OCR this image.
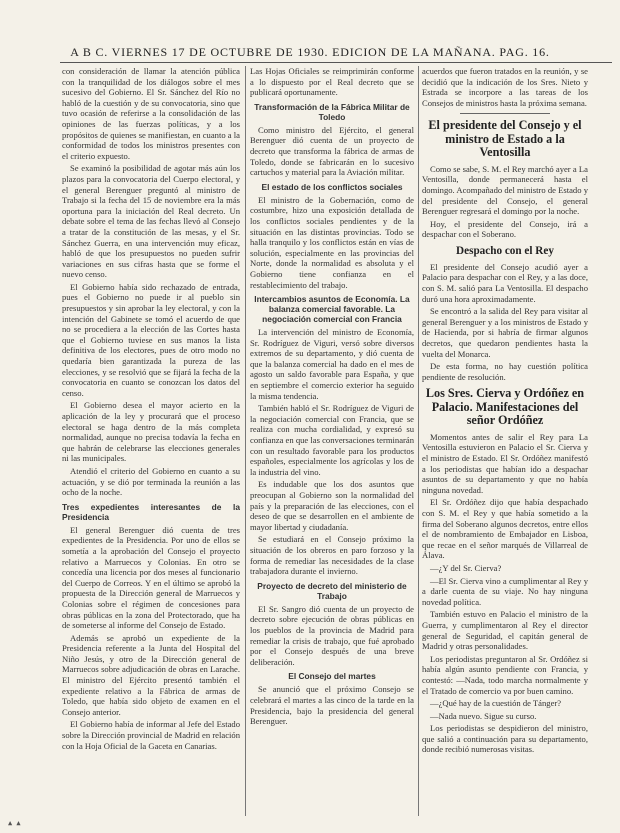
A B C. VIERNES 17 DE OCTUBRE DE 1930. EDICION DE LA MAÑANA. PAG. 16.

con consideración de llamar la atención pública con la tranquilidad de los diálogos sobre el mes sucesivo del Gobierno. El Sr. Sánchez del Río no habló de la cuestión y de su convocatoria, sino que tuvo ocasión de referirse a la consolidación de las opiniones de las fuerzas políticas, y a los propósitos de quienes se manifiestan, en cuanto a la conformidad de todos los ministros presentes con el criterio expuesto.

Se examinó la posibilidad de agotar más aún los plazos para la convocatoria del Cuerpo electoral, y el general Berenguer preguntó al ministro de Trabajo si la fecha del 15 de noviembre era la más oportuna para la iniciación del Real decreto. Un debate sobre el tema de las fechas llevó al Consejo a tratar de la constitución de las mesas, y el Sr. Sánchez Guerra, en una intervención muy eficaz, habló de que los presupuestos no pueden sufrir variaciones en sus cifras hasta que se forme el nuevo censo.

El Gobierno había sido rechazado de entrada, pues el Gobierno no puede ir al pueblo sin presupuestos y sin aprobar la ley electoral, y con la intención del Gabinete se tomó el acuerdo de que no se procediera a la elección de las Cortes hasta que el Gobierno tuviese en sus manos la lista definitiva de los electores, pues de otro modo no quedaría bien garantizada la pureza de las elecciones, y se resolvió que se fijará la fecha de la convocatoria en cuanto se conozcan los datos del censo.

El Gobierno desea el mayor acierto en la aplicación de la ley y procurará que el proceso electoral se haga dentro de la más completa normalidad, aunque no precisa todavía la fecha en que habrán de celebrarse las elecciones generales ni las municipales.

Atendió el criterio del Gobierno en cuanto a su actuación, y se dió por terminada la reunión a las ocho de la noche.

Tres expedientes interesantes de la Presidencia

El general Berenguer dió cuenta de tres expedientes de la Presidencia. Por uno de ellos se sometía a la aprobación del Consejo el proyecto relativo a Marruecos y Colonias. En otro se concedía una licencia por dos meses al funcionario del Cuerpo de Correos. Y en el último se aprobó la propuesta de la Dirección general de Marruecos y Colonias sobre el régimen de concesiones para obras públicas en la zona del Protectorado, que ha de someterse al informe del Consejo de Estado.

Además se aprobó un expediente de la Presidencia referente a la Junta del Hospital del Niño Jesús, y otro de la Dirección general de Marruecos sobre adjudicación de obras en Larache. El ministro del Ejército presentó también el expediente relativo a la Fábrica de armas de Toledo, que había sido objeto de examen en el Consejo anterior.

El Gobierno había de informar al Jefe del Estado sobre la Dirección provincial de Madrid en relación con la Hoja Oficial de la Gaceta en Canarias.

Las Hojas Oficiales se reimprimirán conforme a lo dispuesto por el Real decreto que se publicará oportunamente.

Transformación de la Fábrica Militar de Toledo

Como ministro del Ejército, el general Berenguer dió cuenta de un proyecto de decreto que transforma la fábrica de armas de Toledo, donde se fabricarán en lo sucesivo cartuchos y material para la Aviación militar.

El estado de los conflictos sociales

El ministro de la Gobernación, como de costumbre, hizo una exposición detallada de los conflictos sociales pendientes y de la situación en las distintas provincias. Todo se halla tranquilo y los conflictos están en vías de solución, especialmente en las provincias del Norte, donde la normalidad es absoluta y el Gobierno tiene confianza en el restablecimiento del trabajo.

Intercambios asuntos de Economía. La balanza comercial favorable. La negociación comercial con Francia

La intervención del ministro de Economía, Sr. Rodríguez de Viguri, versó sobre diversos extremos de su departamento, y dió cuenta de que la balanza comercial ha dado en el mes de agosto un saldo favorable para España, y que en septiembre el comercio exterior ha seguido la misma tendencia.

También habló el Sr. Rodríguez de Viguri de la negociación comercial con Francia, que se realiza con mucha cordialidad, y expresó su confianza en que las conversaciones terminarán con un resultado favorable para los productos españoles, especialmente los agrícolas y los de la industria del vino.

Es indudable que los dos asuntos que preocupan al Gobierno son la normalidad del país y la preparación de las elecciones, con el deseo de que se desarrollen en el ambiente de mayor libertad y ciudadanía.

Se estudiará en el Consejo próximo la situación de los obreros en paro forzoso y la forma de remediar las necesidades de la clase trabajadora durante el invierno.

Proyecto de decreto del ministerio de Trabajo

El Sr. Sangro dió cuenta de un proyecto de decreto sobre ejecución de obras públicas en los pueblos de la provincia de Madrid para remediar la crisis de trabajo, que fué aprobado por el Consejo después de una breve deliberación.

El Consejo del martes

Se anunció que el próximo Consejo se celebrará el martes a las cinco de la tarde en la Presidencia, bajo la presidencia del general Berenguer.

acuerdos que fueron tratados en la reunión, y se decidió que la indicación de los Sres. Nieto y Estrada se incorpore a las tareas de los Consejos de ministros hasta la próxima semana.

El presidente del Consejo y el ministro de Estado a la Ventosilla

Como se sabe, S. M. el Rey marchó ayer a La Ventosilla, donde permanecerá hasta el domingo. Acompañado del ministro de Estado y del presidente del Consejo, el general Berenguer regresará el domingo por la noche.

Hoy, el presidente del Consejo, irá a despachar con el Soberano.

Despacho con el Rey

El presidente del Consejo acudió ayer a Palacio para despachar con el Rey, y a las doce, con S. M. salió para La Ventosilla. El despacho duró una hora aproximadamente.

Se encontró a la salida del Rey para visitar al general Berenguer y a los ministros de Estado y de Hacienda, por si habría de firmar algunos decretos, que quedaron pendientes hasta la vuelta del Monarca.

De esta forma, no hay cuestión política pendiente de resolución.

Los Sres. Cierva y Ordóñez en Palacio. Manifestaciones del señor Ordóñez

Momentos antes de salir el Rey para La Ventosilla estuvieron en Palacio el Sr. Cierva y el ministro de Estado. El Sr. Ordóñez manifestó a los periodistas que habían ido a despachar asuntos de su departamento y que no había ninguna novedad.

El Sr. Ordóñez dijo que había despachado con S. M. el Rey y que había sometido a la firma del Soberano algunos decretos, entre ellos el de nombramiento de Embajador en Lisboa, que recae en el señor marqués de Villarreal de Álava.

—¿Y del Sr. Cierva?

—El Sr. Cierva vino a cumplimentar al Rey y a darle cuenta de su viaje. No hay ninguna novedad política.

También estuvo en Palacio el ministro de la Guerra, y cumplimentaron al Rey el director general de Seguridad, el capitán general de Madrid y otras personalidades.

Los periodistas preguntaron al Sr. Ordóñez si había algún asunto pendiente con Francia, y contestó: —Nada, todo marcha normalmente y el Tratado de comercio va por buen camino.

—¿Qué hay de la cuestión de Tánger?

—Nada nuevo. Sigue su curso.

Los periodistas se despidieron del ministro, que salió a continuación para su departamento, donde recibió numerosas visitas.

▲ ▲
